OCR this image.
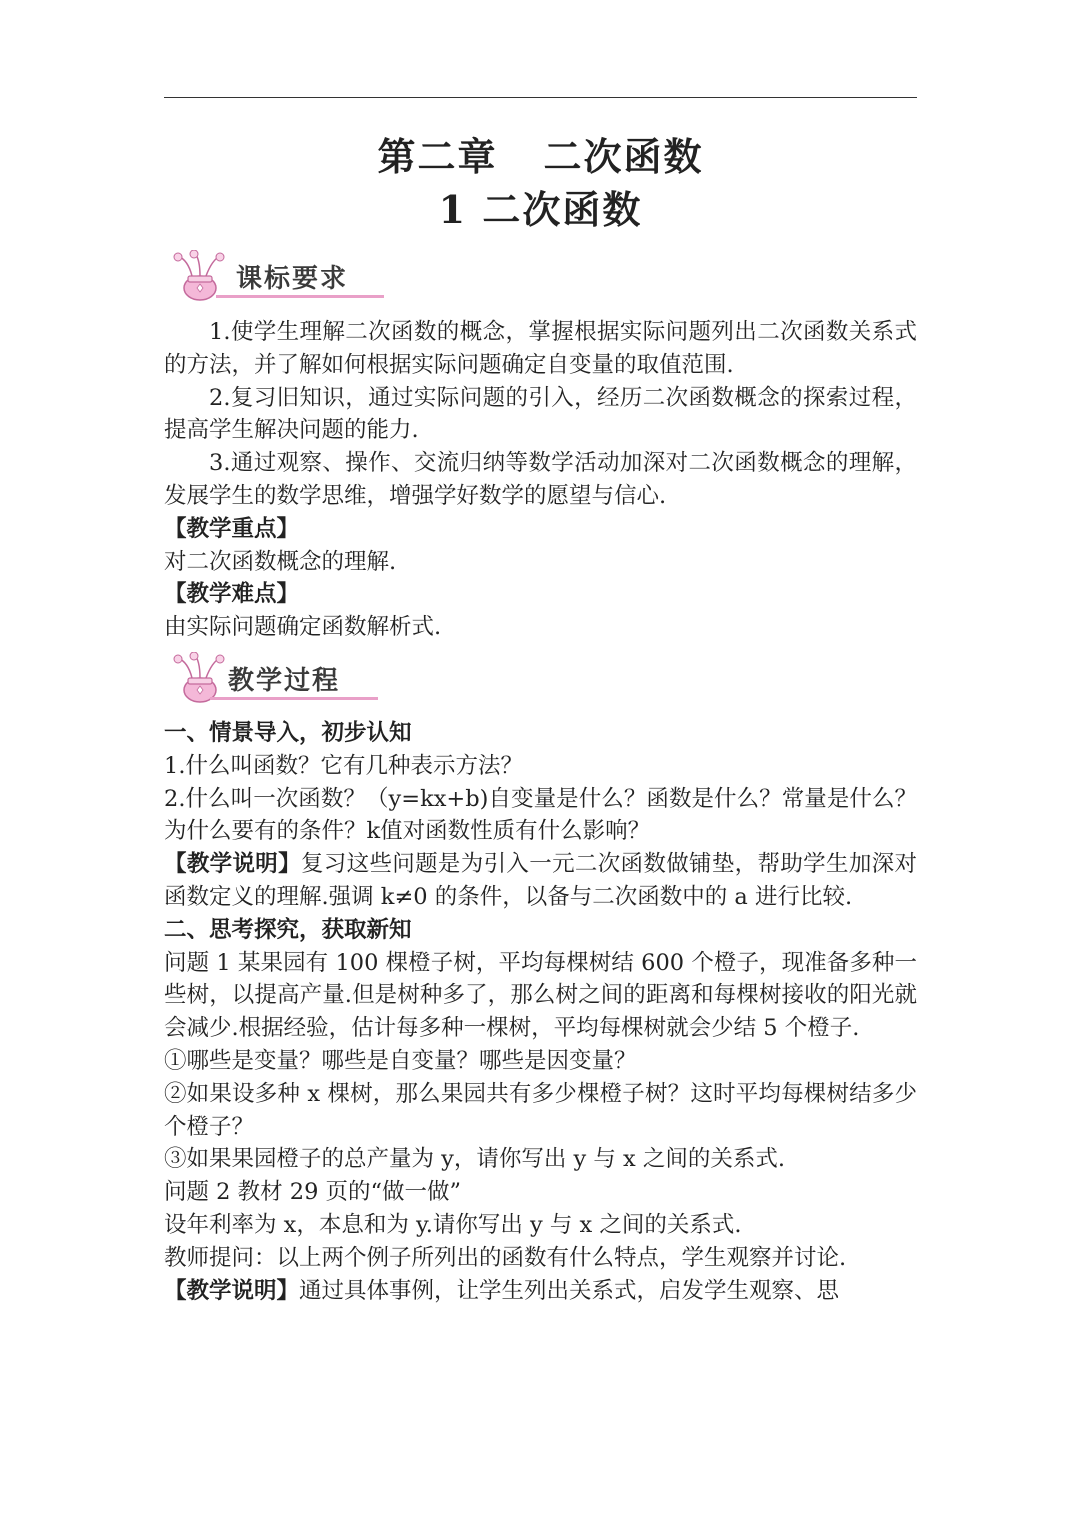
第二章 二次函数
1 二次函数
课标要求

1.使学生理解二次函数的概念，掌握根据实际问题列出二次函数关系式的方法，并了解如何根据实际问题确定自变量的取值范围.

2.复习旧知识，通过实际问题的引入，经历二次函数概念的探索过程，提高学生解决问题的能力.

3.通过观察、操作、交流归纳等数学活动加深对二次函数概念的理解，发展学生的数学思维，增强学好数学的愿望与信心.

【教学重点】

对二次函数概念的理解.

【教学难点】

由实际问题确定函数解析式.

教学过程

一、情景导入，初步认知

1.什么叫函数？它有几种表示方法？

2.什么叫一次函数？（y=kx+b)自变量是什么？函数是什么？常量是什么？为什么要有的条件？k值对函数性质有什么影响？

【教学说明】复习这些问题是为引入一元二次函数做铺垫，帮助学生加深对函数定义的理解.强调 k≠0 的条件，以备与二次函数中的 a 进行比较.

二、思考探究，获取新知

问题 1 某果园有 100 棵橙子树，平均每棵树结 600 个橙子，现准备多种一些树，以提高产量.但是树种多了，那么树之间的距离和每棵树接收的阳光就会减少.根据经验，估计每多种一棵树，平均每棵树就会少结 5 个橙子.

①哪些是变量？哪些是自变量？哪些是因变量？

②如果设多种 x 棵树，那么果园共有多少棵橙子树？这时平均每棵树结多少个橙子？

③如果果园橙子的总产量为 y，请你写出 y 与 x 之间的关系式.

问题 2 教材 29 页的“做一做”

设年利率为 x，本息和为 y.请你写出 y 与 x 之间的关系式.

教师提问：以上两个例子所列出的函数有什么特点，学生观察并讨论.

【教学说明】通过具体事例，让学生列出关系式，启发学生观察、思
